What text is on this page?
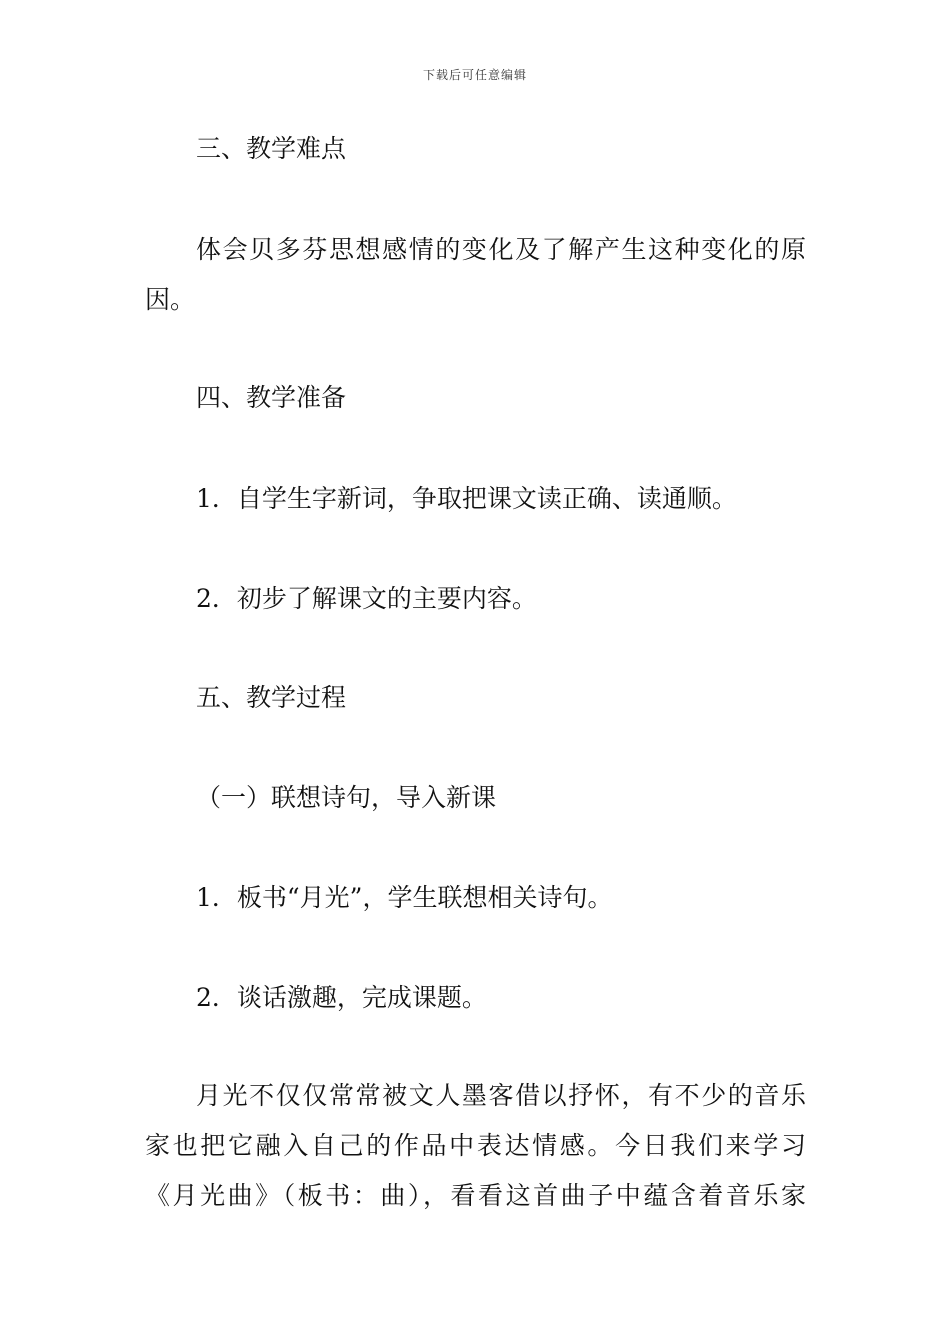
下载后可任意编辑
三、教学难点
体会贝多芬思想感情的变化及了解产生这种变化的原
因。
四、教学准备
1．自学生字新词，争取把课文读正确、读通顺。
2．初步了解课文的主要内容。
五、教学过程
（一）联想诗句，导入新课
1．板书“月光”，学生联想相关诗句。
2．谈话激趣，完成课题。
月光不仅仅常常被文人墨客借以抒怀，有不少的音乐
家也把它融入自己的作品中表达情感。今日我们来学习
《月光曲》（板书：曲），看看这首曲子中蕴含着音乐家
